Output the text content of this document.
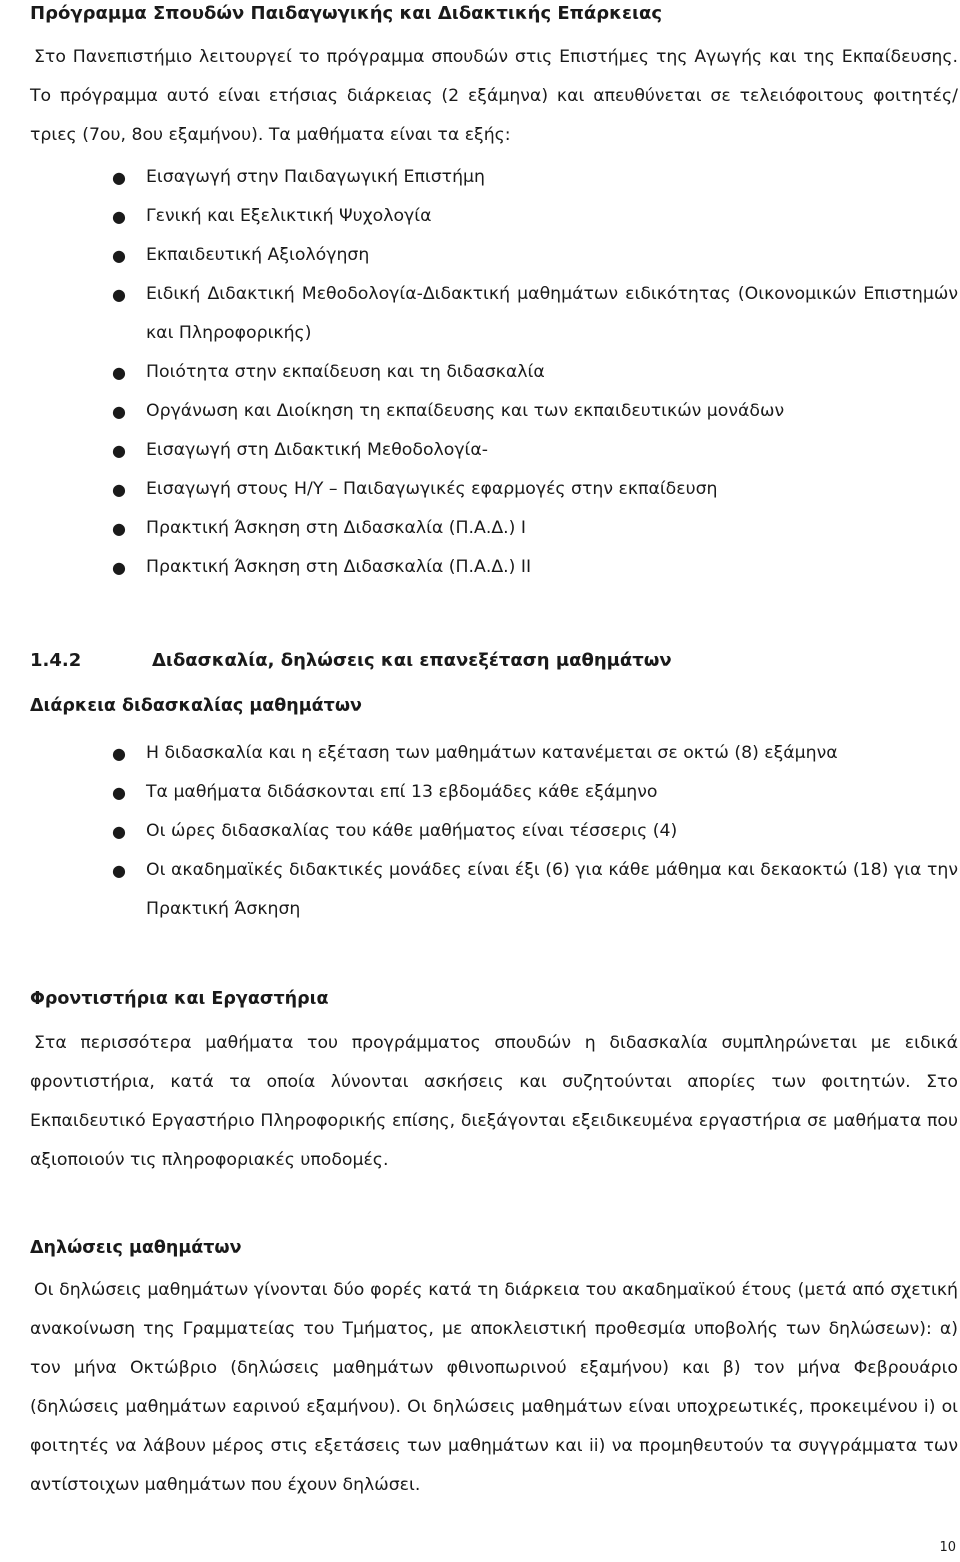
Πρόγραμμα Σπουδών Παιδαγωγικής και Διδακτικής Επάρκειας

Στο Πανεπιστήμιο λειτουργεί το πρόγραμμα σπουδών στις Επιστήμες της Αγωγής και της Εκπαίδευσης. Το πρόγραμμα αυτό είναι ετήσιας διάρκειας (2 εξάμηνα) και απευθύνεται σε τελειόφοιτους φοιτητές/τριες (7ου, 8ου εξαμήνου). Τα μαθήματα είναι τα εξής:

● Εισαγωγή στην Παιδαγωγική Επιστήμη
● Γενική και Εξελικτική Ψυχολογία
● Εκπαιδευτική Αξιολόγηση
● Ειδική Διδακτική Μεθοδολογία-Διδακτική μαθημάτων ειδικότητας (Οικονομικών Επιστημών και Πληροφορικής)
● Ποιότητα στην εκπαίδευση και τη διδασκαλία
● Οργάνωση και Διοίκηση τη εκπαίδευσης και των εκπαιδευτικών μονάδων
● Εισαγωγή στη Διδακτική Μεθοδολογία-
● Εισαγωγή στους Η/Υ – Παιδαγωγικές εφαρμογές στην εκπαίδευση
● Πρακτική Άσκηση στη Διδασκαλία (Π.Α.Δ.) Ι
● Πρακτική Άσκηση στη Διδασκαλία (Π.Α.Δ.) ΙΙ
1.4.2	Διδασκαλία, δηλώσεις και επανεξέταση μαθημάτων
Διάρκεια διδασκαλίας μαθημάτων
● Η διδασκαλία και η εξέταση των μαθημάτων κατανέμεται σε οκτώ (8) εξάμηνα
● Τα μαθήματα διδάσκονται επί 13 εβδομάδες κάθε εξάμηνο
● Οι ώρες διδασκαλίας του κάθε μαθήματος είναι τέσσερις (4)
● Οι ακαδημαϊκές διδακτικές μονάδες είναι έξι (6) για κάθε μάθημα και δεκαοκτώ (18) για την Πρακτική Άσκηση
Φροντιστήρια και Εργαστήρια

Στα περισσότερα μαθήματα του προγράμματος σπουδών η διδασκαλία συμπληρώνεται με ειδικά φροντιστήρια, κατά τα οποία λύνονται ασκήσεις και συζητούνται απορίες των φοιτητών. Στο Εκπαιδευτικό Εργαστήριο Πληροφορικής επίσης, διεξάγονται εξειδικευμένα εργαστήρια σε μαθήματα που αξιοποιούν τις πληροφοριακές υποδομές.

Δηλώσεις μαθημάτων

Οι δηλώσεις μαθημάτων γίνονται δύο φορές κατά τη διάρκεια του ακαδημαϊκού έτους (μετά από σχετική ανακοίνωση της Γραμματείας του Τμήματος, με αποκλειστική προθεσμία υποβολής των δηλώσεων): α) τον μήνα Οκτώβριο (δηλώσεις μαθημάτων φθινοπωρινού εξαμήνου) και β) τον μήνα Φεβρουάριο (δηλώσεις μαθημάτων εαρινού εξαμήνου). Οι δηλώσεις μαθημάτων είναι υποχρεωτικές, προκειμένου i) οι φοιτητές να λάβουν μέρος στις εξετάσεις των μαθημάτων και ii) να προμηθευτούν τα συγγράμματα των αντίστοιχων μαθημάτων που έχουν δηλώσει.

10
